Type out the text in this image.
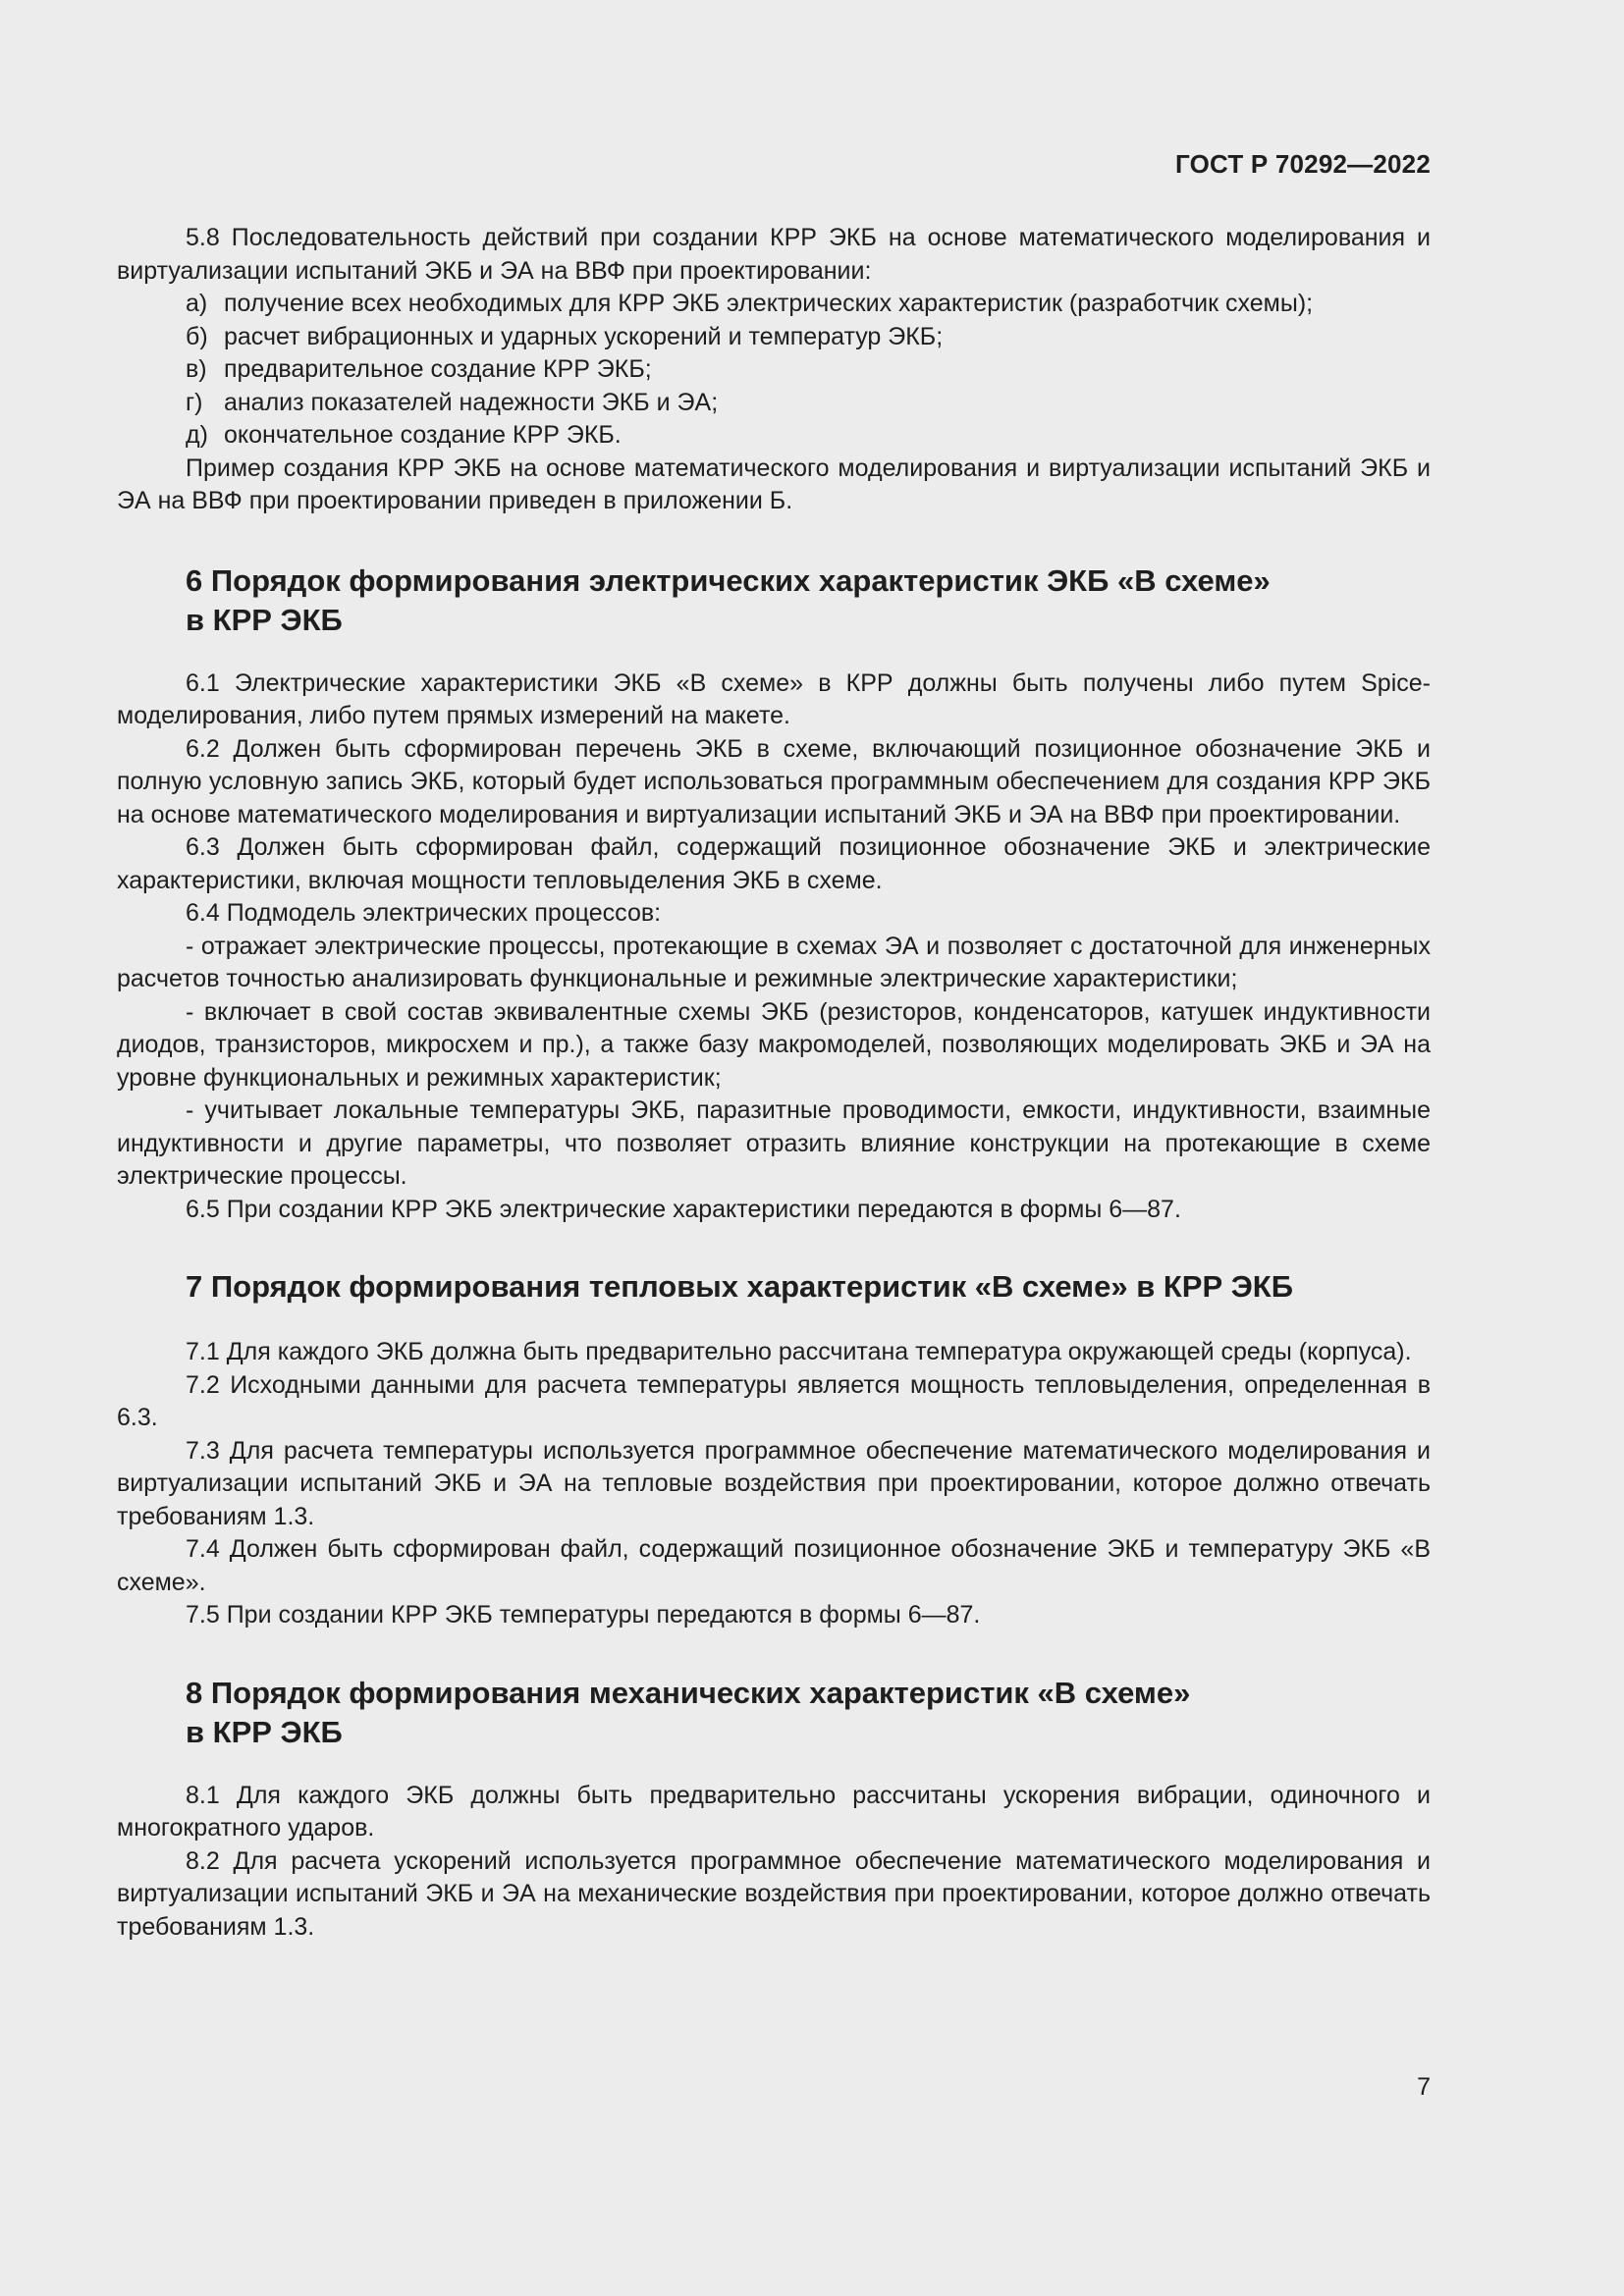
ГОСТ Р 70292—2022

5.8 Последовательность действий при создании КРР ЭКБ на основе математического моделирования и виртуализации испытаний ЭКБ и ЭА на ВВФ при проектировании:

а) получение всех необходимых для КРР ЭКБ электрических характеристик (разработчик схемы);

б) расчет вибрационных и ударных ускорений и температур ЭКБ;

в) предварительное создание КРР ЭКБ;

г) анализ показателей надежности ЭКБ и ЭА;

д) окончательное создание КРР ЭКБ.

Пример создания КРР ЭКБ на основе математического моделирования и виртуализации испытаний ЭКБ и ЭА на ВВФ при проектировании приведен в приложении Б.

6 Порядок формирования электрических характеристик ЭКБ «В схеме»
в КРР ЭКБ

6.1 Электрические характеристики ЭКБ «В схеме» в КРР должны быть получены либо путем Spice-моделирования, либо путем прямых измерений на макете.

6.2 Должен быть сформирован перечень ЭКБ в схеме, включающий позиционное обозначение ЭКБ и полную условную запись ЭКБ, который будет использоваться программным обеспечением для создания КРР ЭКБ на основе математического моделирования и виртуализации испытаний ЭКБ и ЭА на ВВФ при проектировании.

6.3 Должен быть сформирован файл, содержащий позиционное обозначение ЭКБ и электрические характеристики, включая мощности тепловыделения ЭКБ в схеме.

6.4 Подмодель электрических процессов:

- отражает электрические процессы, протекающие в схемах ЭА и позволяет с достаточной для инженерных расчетов точностью анализировать функциональные и режимные электрические характеристики;

- включает в свой состав эквивалентные схемы ЭКБ (резисторов, конденсаторов, катушек индуктивности диодов, транзисторов, микросхем и пр.), а также базу макромоделей, позволяющих моделировать ЭКБ и ЭА на уровне функциональных и режимных характеристик;

- учитывает локальные температуры ЭКБ, паразитные проводимости, емкости, индуктивности, взаимные индуктивности и другие параметры, что позволяет отразить влияние конструкции на протекающие в схеме электрические процессы.

6.5 При создании КРР ЭКБ электрические характеристики передаются в формы 6—87.

7 Порядок формирования тепловых характеристик «В схеме» в КРР ЭКБ

7.1 Для каждого ЭКБ должна быть предварительно рассчитана температура окружающей среды (корпуса).

7.2 Исходными данными для расчета температуры является мощность тепловыделения, определенная в 6.3.

7.3 Для расчета температуры используется программное обеспечение математического моделирования и виртуализации испытаний ЭКБ и ЭА на тепловые воздействия при проектировании, которое должно отвечать требованиям 1.3.

7.4 Должен быть сформирован файл, содержащий позиционное обозначение ЭКБ и температуру ЭКБ «В схеме».

7.5 При создании КРР ЭКБ температуры передаются в формы 6—87.

8 Порядок формирования механических характеристик «В схеме»
в КРР ЭКБ

8.1 Для каждого ЭКБ должны быть предварительно рассчитаны ускорения вибрации, одиночного и многократного ударов.

8.2 Для расчета ускорений используется программное обеспечение математического моделирования и виртуализации испытаний ЭКБ и ЭА на механические воздействия при проектировании, которое должно отвечать требованиям 1.3.

7
